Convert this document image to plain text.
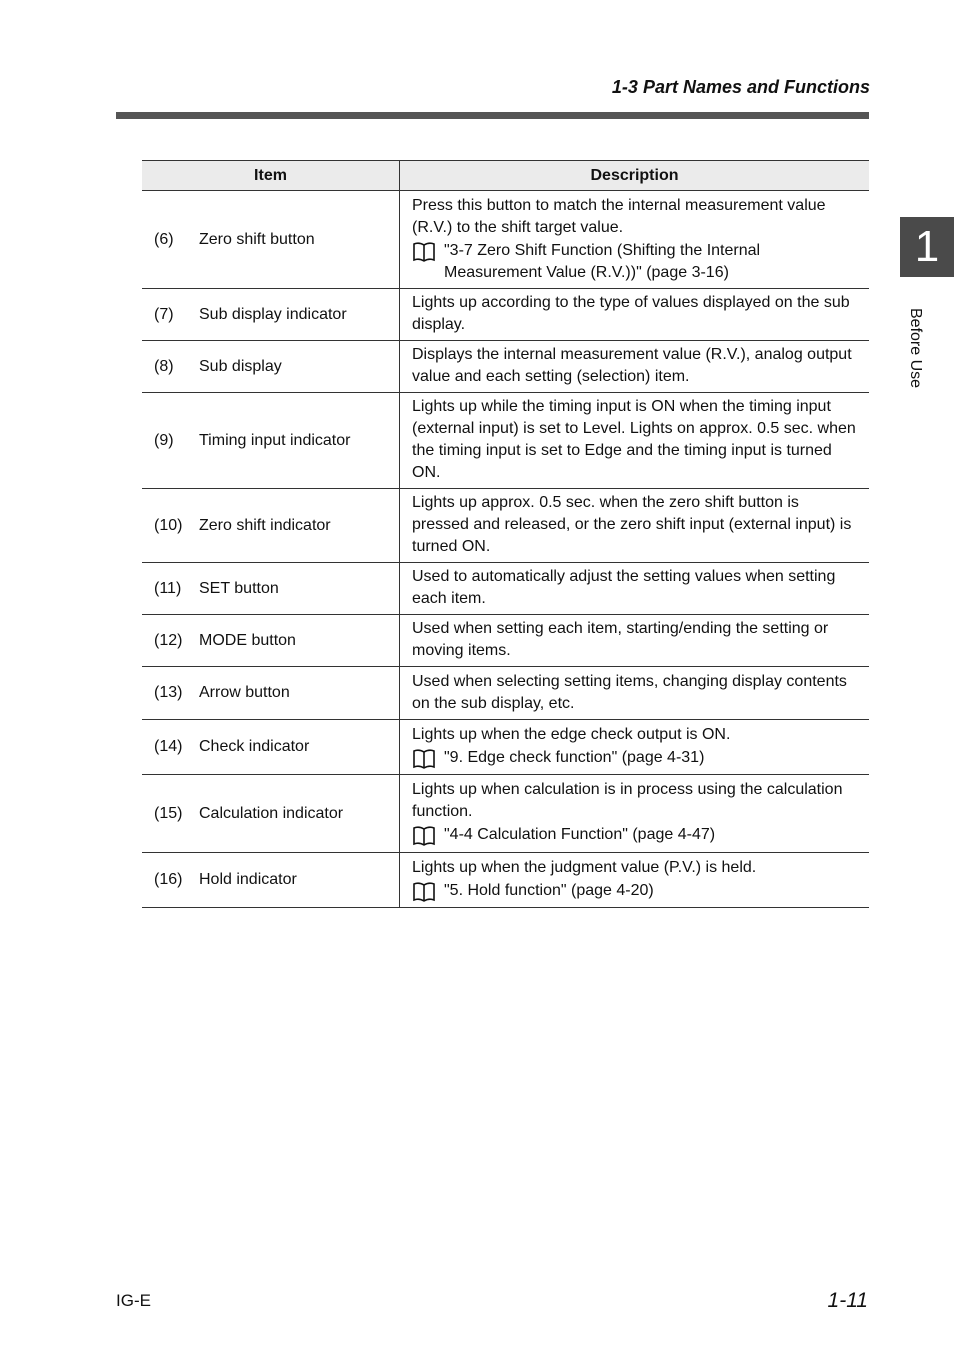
1-3 Part Names and Functions
1
Before Use
Item	Description
(6) Zero shift button	Press this button to match the internal measurement value (R.V.) to the shift target value.
"3-7 Zero Shift Function (Shifting the Internal Measurement Value (R.V.))" (page 3-16)

(7) Sub display indicator	Lights up according to the type of values displayed on the sub display.

(8) Sub display	Displays the internal measurement value (R.V.), analog output value and each setting (selection) item.

(9) Timing input indicator	Lights up while the timing input is ON when the timing input (external input) is set to Level. Lights on approx. 0.5 sec. when the timing input is set to Edge and the timing input is turned ON.

(10) Zero shift indicator	Lights up approx. 0.5 sec. when the zero shift button is pressed and released, or the zero shift input (external input) is turned ON.

(11) SET button	Used to automatically adjust the setting values when setting each item.

(12) MODE button	Used when setting each item, starting/ending the setting or moving items.

(13) Arrow button	Used when selecting setting items, changing display contents on the sub display, etc.

(14) Check indicator	Lights up when the edge check output is ON.
"9. Edge check function" (page 4-31)

(15) Calculation indicator	Lights up when calculation is in process using the calculation function.
"4-4 Calculation Function" (page 4-47)

(16) Hold indicator	Lights up when the judgment value (P.V.) is held.
"5. Hold function" (page 4-20)
IG-E	1-11
